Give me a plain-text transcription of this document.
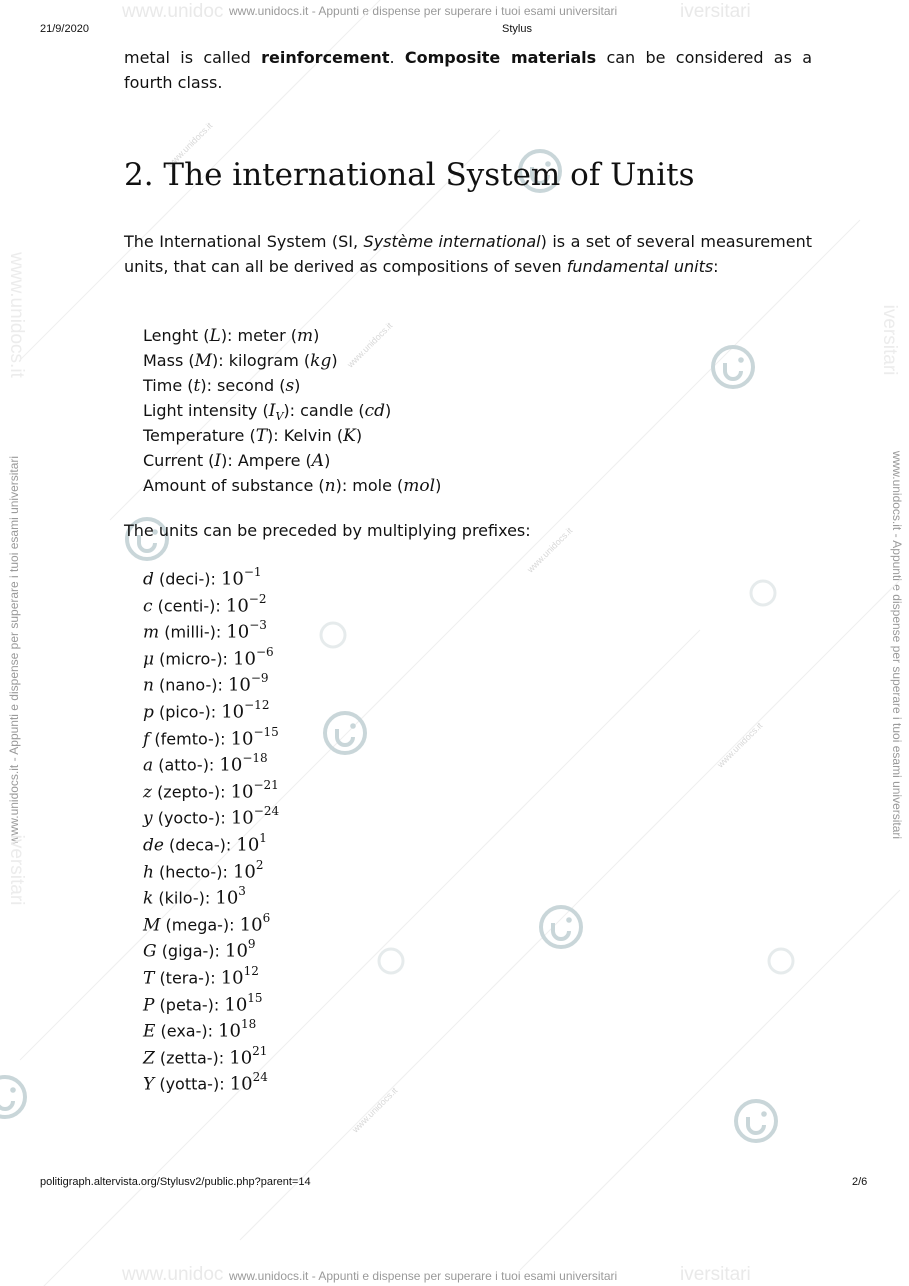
www.unidoc	iversitari
www.unidocs.it - Appunti e dispense per superare i tuoi esami universitari
21/9/2020	Stylus
www.unidocs.it - Appunti e dispense per superare i tuoi esami universitari
www.unidocs.it
iversitari
www.unidocs.it - Appunti e dispense per superare i tuoi esami universitari
iversitari
www.unidocs.it
www.unidocs.it
www.unidocs.it
www.unidocs.it
www.unidocs.it
metal is called reinforcement. Composite materials can be considered as a fourth class.
2. The international System of Units
The International System (SI, Système international) is a set of several measurement units, that can all be derived as compositions of seven fundamental units:
Lenght (L): meter (m)
Mass (M): kilogram (kg)
Time (t): second (s)
Light intensity $(I_V)$: candle (cd)
Temperature (T): Kelvin (K)
Current (I): Ampere (A)
Amount of substance (n): mole (mol)
The units can be preceded by multiplying prefixes:
d (deci-): $10^{-1}$
c (centi-): $10^{-2}$
m (milli-): $10^{-3}$
μ (micro-): $10^{-6}$
n (nano-): $10^{-9}$
p (pico-): $10^{-12}$
f (femto-): $10^{-15}$
a (atto-): $10^{-18}$
z (zepto-): $10^{-21}$
y (yocto-): $10^{-24}$
de (deca-): $10^1$
h (hecto-): $10^2$
k (kilo-): $10^3$
M (mega-): $10^6$
G (giga-): $10^9$
T (tera-): $10^{12}$
P (peta-): $10^{15}$
E (exa-): $10^{18}$
Z (zetta-): $10^{21}$
Y (yotta-): $10^{24}$
politigraph.altervista.org/Stylusv2/public.php?parent=14	2/6
www.unidoc	iversitari
www.unidocs.it - Appunti e dispense per superare i tuoi esami universitari
